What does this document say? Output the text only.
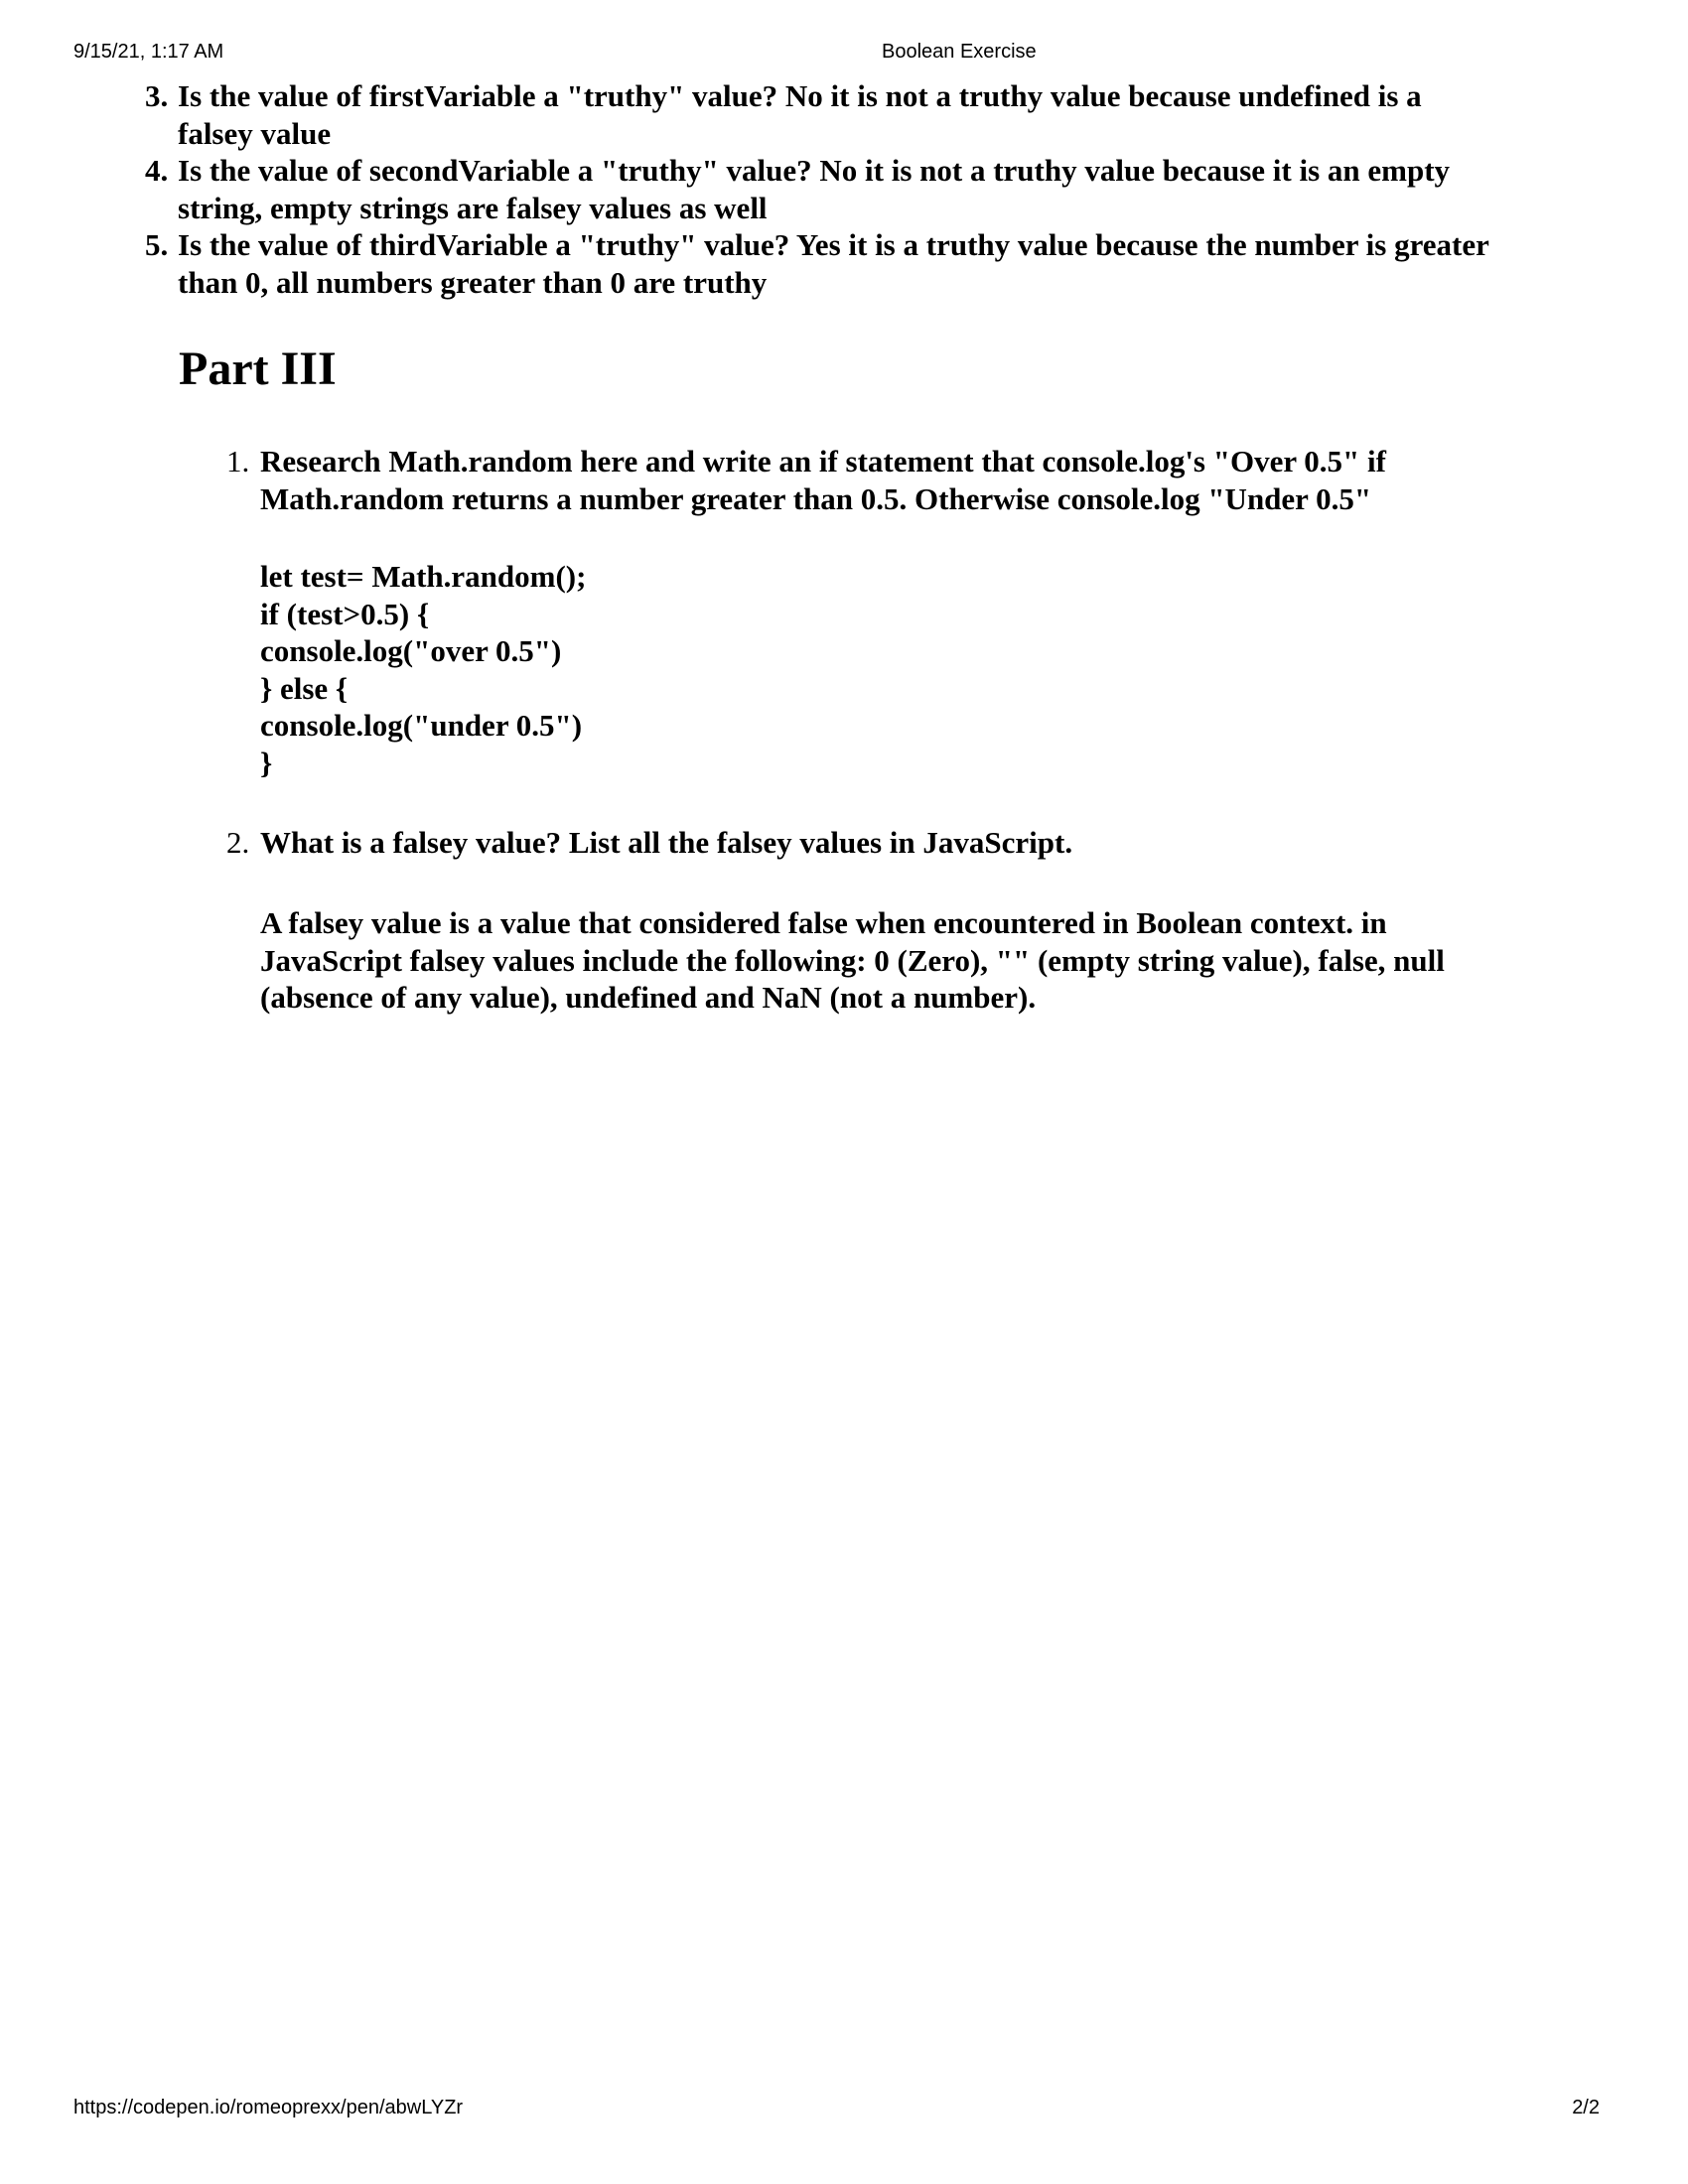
9/15/21, 1:17 AM	Boolean Exercise
3. Is the value of firstVariable a "truthy" value? No it is not a truthy value because undefined is a
falsey value
4. Is the value of secondVariable a "truthy" value? No it is not a truthy value because it is an empty
string, empty strings are falsey values as well
5. Is the value of thirdVariable a "truthy" value? Yes it is a truthy value because the number is greater
than 0, all numbers greater than 0 are truthy
Part III
1. Research Math.random here and write an if statement that console.log's "Over 0.5" if
Math.random returns a number greater than 0.5. Otherwise console.log "Under 0.5"
let test= Math.random();
if (test>0.5) {
console.log("over 0.5")
} else {
console.log("under 0.5")
}
2. What is a falsey value? List all the falsey values in JavaScript.
A falsey value is a value that considered false when encountered in Boolean context. in
JavaScript falsey values include the following: 0 (Zero), "" (empty string value), false, null
(absence of any value), undefined and NaN (not a number).
https://codepen.io/romeoprexx/pen/abwLYZr	2/2
